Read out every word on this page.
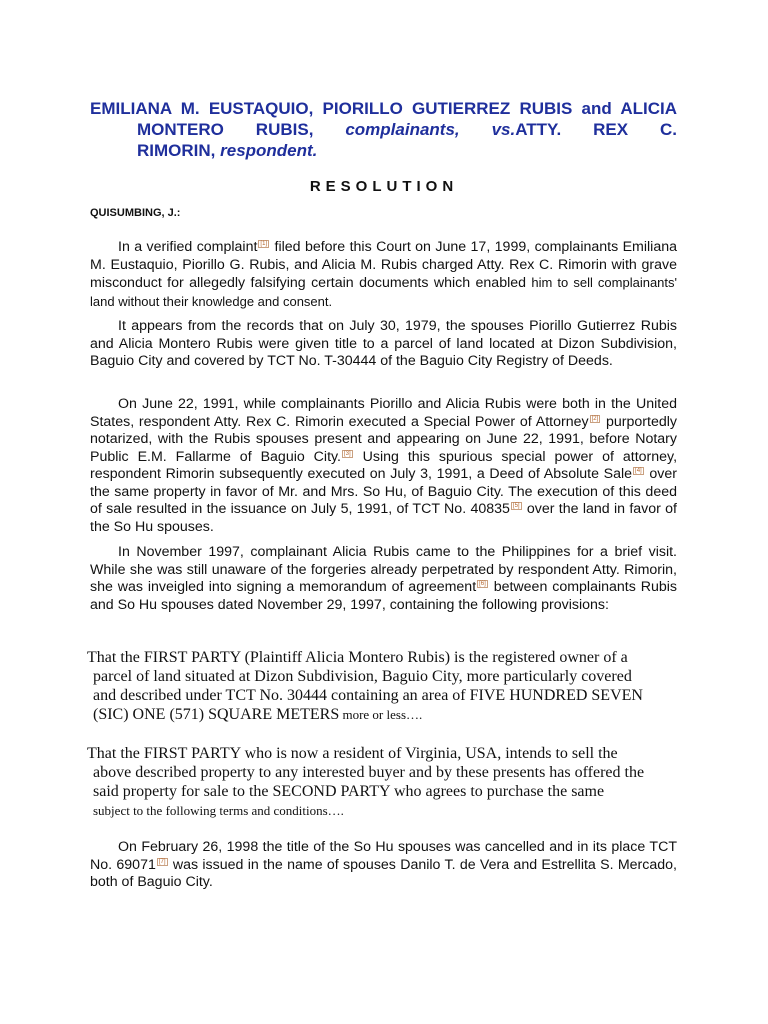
EMILIANA M. EUSTAQUIO, PIORILLO GUTIERREZ RUBIS and ALICIA
MONTERO RUBIS, complainants, vs.ATTY. REX C.
RIMORIN, respondent.
RESOLUTION

QUISUMBING, J.:

In a verified complaint [1] filed before this Court on June 17, 1999, complainants Emiliana M. Eustaquio, Piorillo G. Rubis, and Alicia M. Rubis charged Atty. Rex C. Rimorin with grave misconduct for allegedly falsifying certain documents which enabled him to sell complainants' land without their knowledge and consent.

It appears from the records that on July 30, 1979, the spouses Piorillo Gutierrez Rubis and Alicia Montero Rubis were given title to a parcel of land located at Dizon Subdivision, Baguio City and covered by TCT No. T-30444 of the Baguio City Registry of Deeds.

On June 22, 1991, while complainants Piorillo and Alicia Rubis were both in the United States, respondent Atty. Rex C. Rimorin executed a Special Power of Attorney [2] purportedly notarized, with the Rubis spouses present and appearing on June 22, 1991, before Notary Public E.M. Fallarme of Baguio City. [3] Using this spurious special power of attorney, respondent Rimorin subsequently executed on July 3, 1991, a Deed of Absolute Sale [4] over the same property in favor of Mr. and Mrs. So Hu, of Baguio City. The execution of this deed of sale resulted in the issuance on July 5, 1991, of TCT No. 40835 [5] over the land in favor of the So Hu spouses.

In November 1997, complainant Alicia Rubis came to the Philippines for a brief visit. While she was still unaware of the forgeries already perpetrated by respondent Atty. Rimorin, she was inveigled into signing a memorandum of agreement [6] between complainants Rubis and So Hu spouses dated November 29, 1997, containing the following provisions:

That the FIRST PARTY (Plaintiff Alicia Montero Rubis) is the registered owner of a
parcel of land situated at Dizon Subdivision, Baguio City, more particularly covered
and described under TCT No. 30444 containing an area of FIVE HUNDRED SEVEN
(SIC) ONE (571) SQUARE METERS more or less….
That the FIRST PARTY who is now a resident of Virginia, USA, intends to sell the
above described property to any interested buyer and by these presents has offered the
said property for sale to the SECOND PARTY who agrees to purchase the same
subject to the following terms and conditions….

On February 26, 1998 the title of the So Hu spouses was cancelled and in its place TCT No. 69071 [7] was issued in the name of spouses Danilo T. de Vera and Estrellita S. Mercado, both of Baguio City.
